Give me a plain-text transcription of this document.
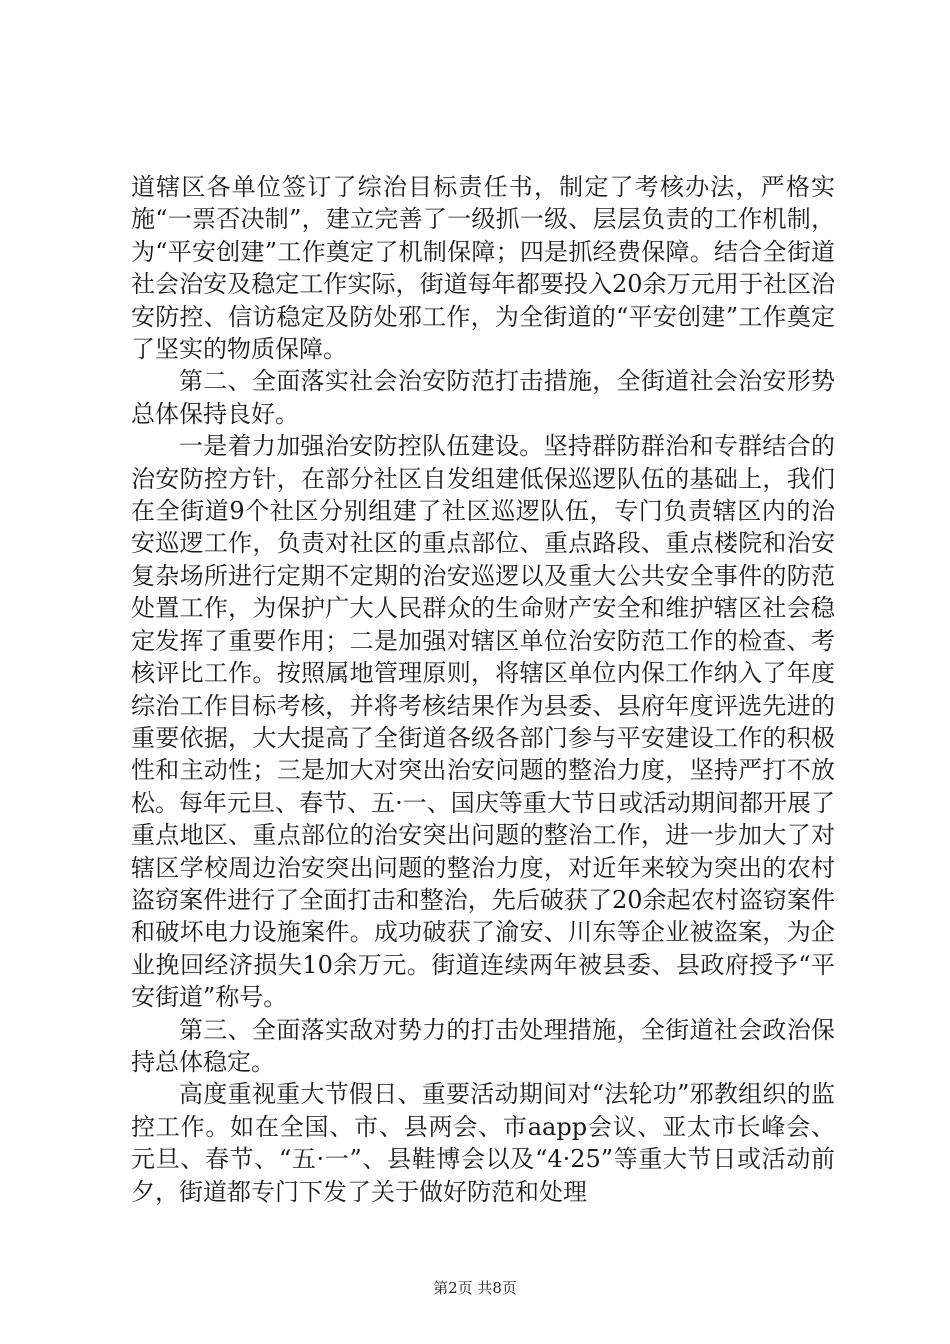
道辖区各单位签订了综治目标责任书，制定了考核办法，严格实施“一票否决制”，建立完善了一级抓一级、层层负责的工作机制，为“平安创建”工作奠定了机制保障；四是抓经费保障。结合全街道社会治安及稳定工作实际，街道每年都要投入20余万元用于社区治安防控、信访稳定及防处邪工作，为全街道的“平安创建”工作奠定了坚实的物质保障。

第二、全面落实社会治安防范打击措施，全街道社会治安形势总体保持良好。

一是着力加强治安防控队伍建设。坚持群防群治和专群结合的治安防控方针，在部分社区自发组建低保巡逻队伍的基础上，我们在全街道9个社区分别组建了社区巡逻队伍，专门负责辖区内的治安巡逻工作，负责对社区的重点部位、重点路段、重点楼院和治安复杂场所进行定期不定期的治安巡逻以及重大公共安全事件的防范处置工作，为保护广大人民群众的生命财产安全和维护辖区社会稳定发挥了重要作用；二是加强对辖区单位治安防范工作的检查、考核评比工作。按照属地管理原则，将辖区单位内保工作纳入了年度综治工作目标考核，并将考核结果作为县委、县府年度评选先进的重要依据，大大提高了全街道各级各部门参与平安建设工作的积极性和主动性；三是加大对突出治安问题的整治力度，坚持严打不放松。每年元旦、春节、五·一、国庆等重大节日或活动期间都开展了重点地区、重点部位的治安突出问题的整治工作，进一步加大了对辖区学校周边治安突出问题的整治力度，对近年来较为突出的农村盗窃案件进行了全面打击和整治，先后破获了20余起农村盗窃案件和破坏电力设施案件。成功破获了渝安、川东等企业被盗案，为企业挽回经济损失10余万元。街道连续两年被县委、县政府授予“平安街道”称号。

第三、全面落实敌对势力的打击处理措施，全街道社会政治保持总体稳定。

高度重视重大节假日、重要活动期间对“法轮功”邪教组织的监控工作。如在全国、市、县两会、市aapp会议、亚太市长峰会、元旦、春节、“五·一”、县鞋博会以及“4·25”等重大节日或活动前夕，街道都专门下发了关于做好防范和处理

第2页 共8页
